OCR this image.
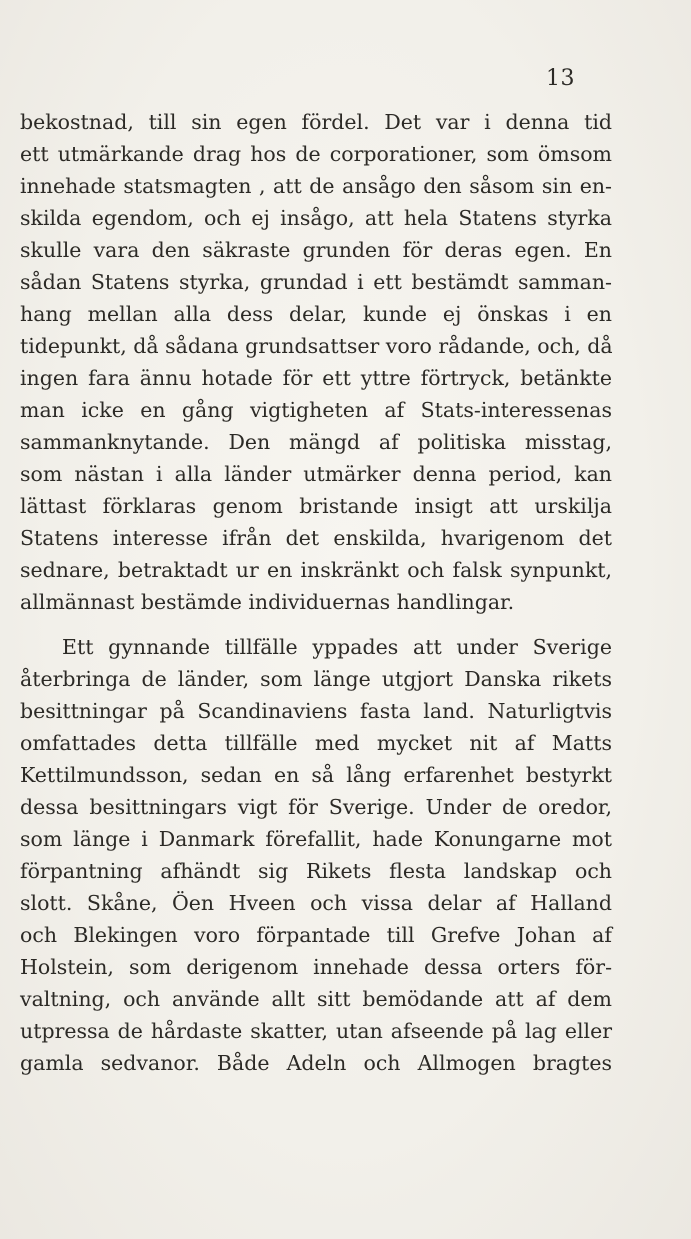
13
bekostnad, till sin egen fördel. Det var i denna tid
ett utmärkande drag hos de corporationer, som ömsom
innehade statsmagten , att de ansågo den såsom sin en-
skilda egendom, och ej insågo, att hela Statens styrka
skulle vara den säkraste grunden för deras egen. En
sådan Statens styrka, grundad i ett bestämdt samman-
hang mellan alla dess delar, kunde ej önskas i en
tidepunkt, då sådana grundsattser voro rådande, och, då
ingen fara ännu hotade för ett yttre förtryck, betänkte
man icke en gång vigtigheten af Stats-interessenas
sammanknytande. Den mängd af politiska misstag,
som nästan i alla länder utmärker denna period, kan
lättast förklaras genom bristande insigt att urskilja
Statens interesse ifrån det enskilda, hvarigenom det
sednare, betraktadt ur en inskränkt och falsk synpunkt,
allmännast bestämde individuernas handlingar.
Ett gynnande tillfälle yppades att under Sverige
återbringa de länder, som länge utgjort Danska rikets
besittningar på Scandinaviens fasta land. Naturligtvis
omfattades detta tillfälle med mycket nit af Matts
Kettilmundsson, sedan en så lång erfarenhet bestyrkt
dessa besittningars vigt för Sverige. Under de oredor,
som länge i Danmark förefallit, hade Konungarne mot
förpantning afhändt sig Rikets flesta landskap och
slott. Skåne, Öen Hveen och vissa delar af Halland
och Blekingen voro förpantade till Grefve Johan af
Holstein, som derigenom innehade dessa orters för-
valtning, och använde allt sitt bemödande att af dem
utpressa de hårdaste skatter, utan afseende på lag eller
gamla sedvanor. Både Adeln och Allmogen bragtes
